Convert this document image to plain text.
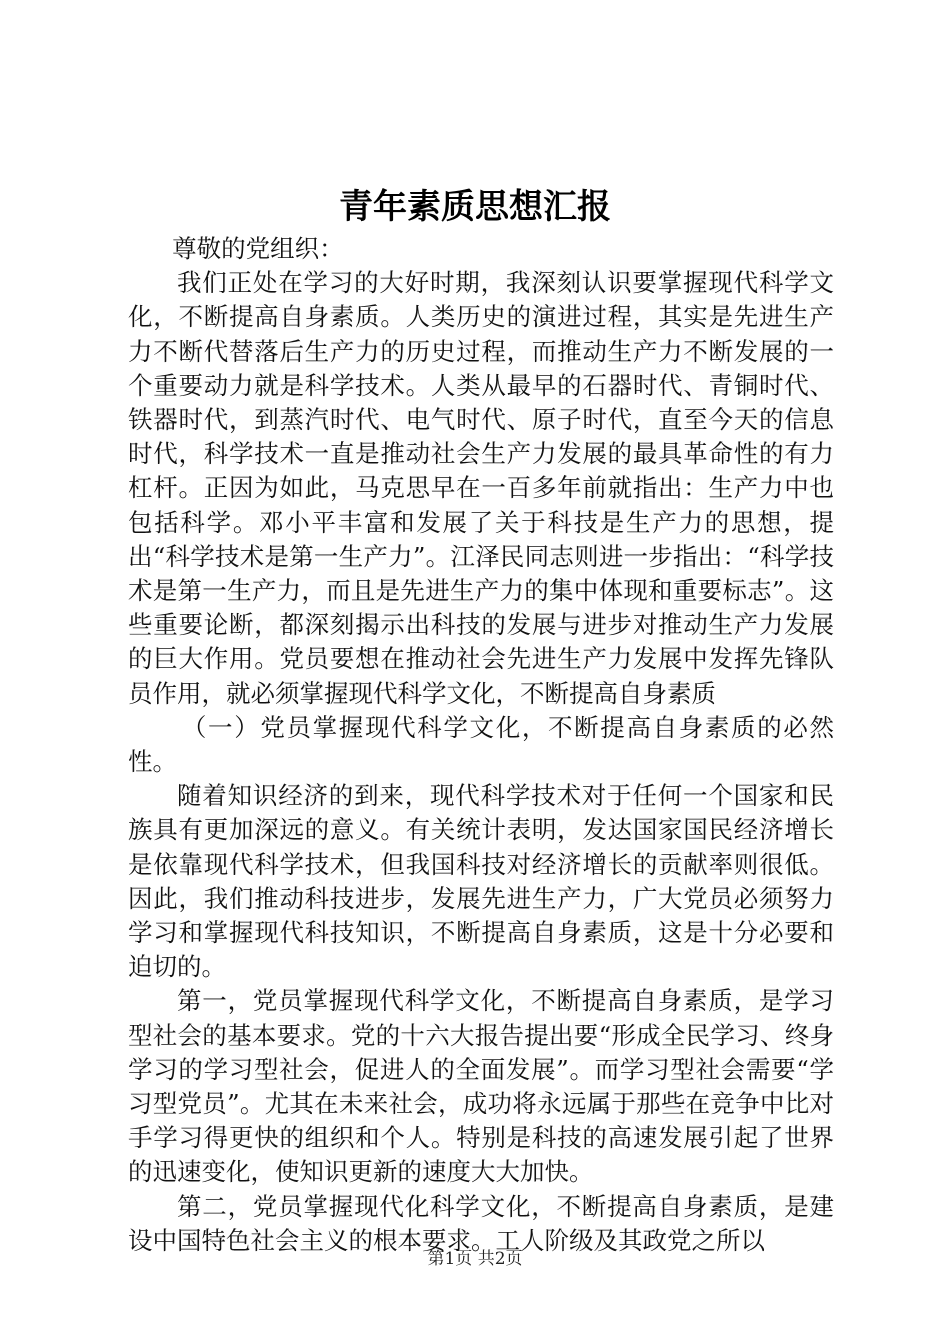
青年素质思想汇报

尊敬的党组织：

我们正处在学习的大好时期，我深刻认识要掌握现代科学文化，不断提高自身素质。人类历史的演进过程，其实是先进生产力不断代替落后生产力的历史过程，而推动生产力不断发展的一个重要动力就是科学技术。人类从最早的石器时代、青铜时代、铁器时代，到蒸汽时代、电气时代、原子时代，直至今天的信息时代，科学技术一直是推动社会生产力发展的最具革命性的有力杠杆。正因为如此，马克思早在一百多年前就指出：生产力中也包括科学。邓小平丰富和发展了关于科技是生产力的思想，提出“科学技术是第一生产力”。江泽民同志则进一步指出：“科学技术是第一生产力，而且是先进生产力的集中体现和重要标志”。这些重要论断，都深刻揭示出科技的发展与进步对推动生产力发展的巨大作用。党员要想在推动社会先进生产力发展中发挥先锋队员作用，就必须掌握现代科学文化，不断提高自身素质

（一）党员掌握现代科学文化，不断提高自身素质的必然性。

随着知识经济的到来，现代科学技术对于任何一个国家和民族具有更加深远的意义。有关统计表明，发达国家国民经济增长是依靠现代科学技术，但我国科技对经济增长的贡献率则很低。因此，我们推动科技进步，发展先进生产力，广大党员必须努力学习和掌握现代科技知识，不断提高自身素质，这是十分必要和迫切的。

第一，党员掌握现代科学文化，不断提高自身素质，是学习型社会的基本要求。党的十六大报告提出要“形成全民学习、终身学习的学习型社会，促进人的全面发展”。而学习型社会需要“学习型党员”。尤其在未来社会，成功将永远属于那些在竞争中比对手学习得更快的组织和个人。特别是科技的高速发展引起了世界的迅速变化，使知识更新的速度大大加快。

第二，党员掌握现代化科学文化，不断提高自身素质，是建设中国特色社会主义的根本要求。工人阶级及其政党之所以

第1页 共2页
